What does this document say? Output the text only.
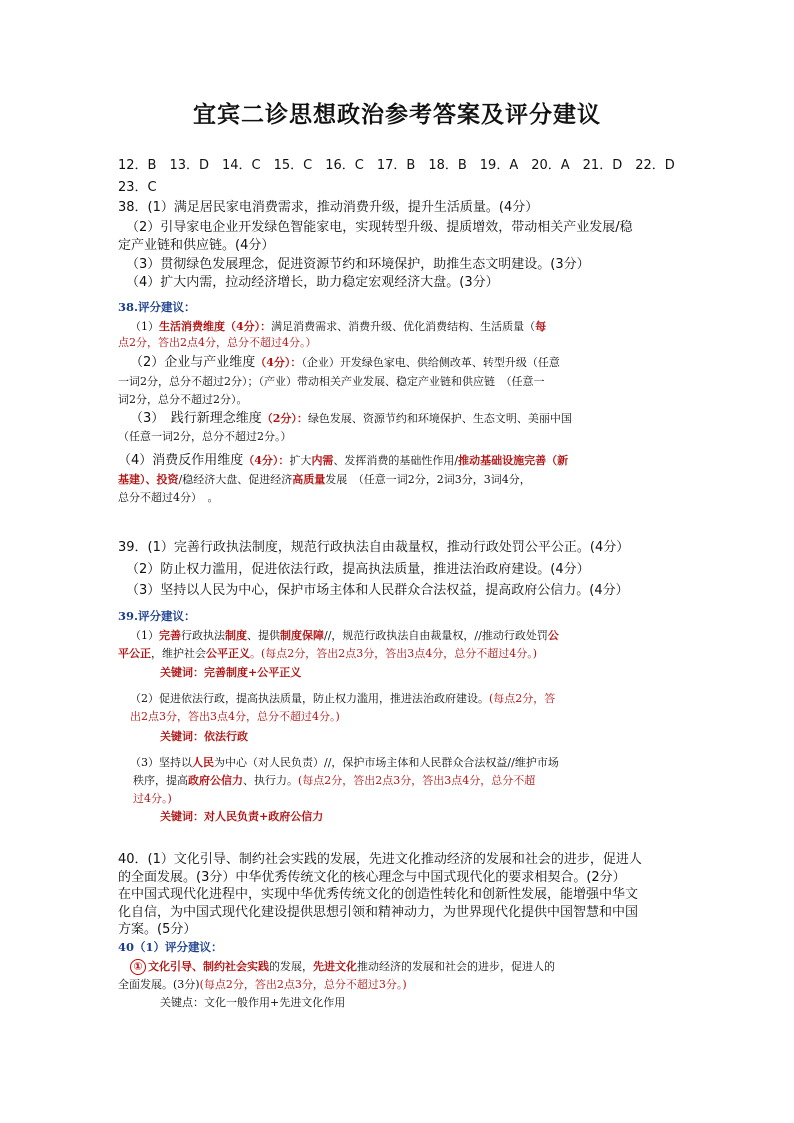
宜宾二诊思想政治参考答案及评分建议
12．B　13．D　14．C　15．C　16．C　17．B　18．B　19．A　20．A　21．D　22．D
23．C
38．(1）满足居民家电消费需求，推动消费升级，提升生活质量。(4分）
（2）引导家电企业开发绿色智能家电，实现转型升级、提质增效，带动相关产业发展/稳
定产业链和供应链。(4分）
（3）贯彻绿色发展理念，促进资源节约和环境保护，助推生态文明建设。(3分）
（4）扩大内需，拉动经济增长，助力稳定宏观经济大盘。(3分）
38.评分建议：
（1）生活消费维度（4分）：满足消费需求、消费升级、优化消费结构、生活质量（每
点2分，答出2点4分，总分不超过4分。）
（2）企业与产业维度（4分）：（企业）开发绿色家电、供给侧改革、转型升级（任意
一词2分，总分不超过2分）；（产业）带动相关产业发展、稳定产业链和供应链　（任意一
词2分，总分不超过2分）。
（3）　践行新理念维度（2分）：绿色发展、资源节约和环境保护、生态文明、美丽中国
（任意一词2分，总分不超过2分。）
（4）消费反作用维度（4分）：扩大内需、发挥消费的基础性作用/推动基础设施完善（新
基建）、投资/稳经济大盘、促进经济高质量发展　（任意一词2分，2词3分，3词4分，
总分不超过4分）　。
39．(1）完善行政执法制度，规范行政执法自由裁量权，推动行政处罚公平公正。(4分）
（2）防止权力滥用，促进依法行政，提高执法质量，推进法治政府建设。(4分）
（3）坚持以人民为中心，保护市场主体和人民群众合法权益，提高政府公信力。(4分）
39.评分建议：
（1）完善行政执法制度、提供制度保障//，规范行政执法自由裁量权，//推动行政处罚公
平公正，维护社会公平正义。(每点2分，答出2点3分，答出3点4分，总分不超过4分。)
关键词：完善制度+公平正义
（2）促进依法行政，提高执法质量，防止权力滥用，推进法治政府建设。(每点2分，答
出2点3分，答出3点4分，总分不超过4分。)
关键词：依法行政
（3）坚持以人民为中心（对人民负责）//，保护市场主体和人民群众合法权益//维护市场
秩序，提高政府公信力、执行力。(每点2分，答出2点3分，答出3点4分，总分不超
过4分。)
关键词：对人民负责+政府公信力
40．(1）文化引导、制约社会实践的发展，先进文化推动经济的发展和社会的进步，促进人
的全面发展。(3分）中华优秀传统文化的核心理念与中国式现代化的要求相契合。(2分）
在中国式现代化进程中，实现中华优秀传统文化的创造性转化和创新性发展，能增强中华文
化自信，为中国式现代化建设提供思想引领和精神动力，为世界现代化提供中国智慧和中国
方案。(5分）
40（1）评分建议：
① 文化引导、制约社会实践的发展，先进文化推动经济的发展和社会的进步，促进人的
全面发展。(3分)(每点2分，答出2点3分，总分不超过3分。)
关键点：文化一般作用+先进文化作用
